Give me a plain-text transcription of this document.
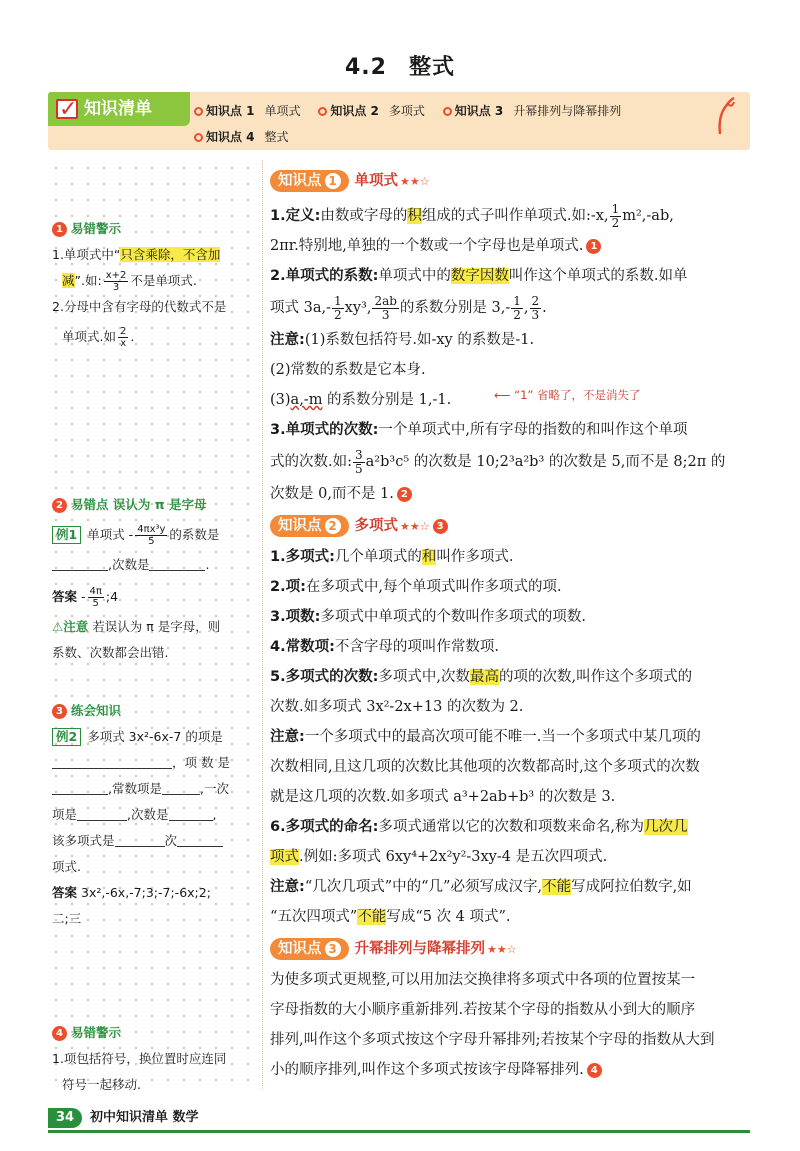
4.2 整式
✓
知识清单	知识点 1 单项式 知识点 2 多项式 知识点 3 升幂排列与降幂排列
知识点 4 整式
1 易错警示
1.单项式中“只含乘除，不含加
减”.如: $\frac{x+2}{3}$ 不是单项式.
2.分母中含有字母的代数式不是
单项式.如 $\frac{2}{x}$ .
2 易错点 误认为 π 是字母
例1 单项式 - $\frac{\text{4πx³y}}{5}$ 的系数是
,次数是	.
答案 - $\frac{4\pi}{5}$ ;4
⚠注意 若误认为 π 是字母，则
系数、次数都会出错.
3 练会知识
例2 多项式 3x²-6x-7 的项是
，项 数 是
,常数项是	,一次
项是	,次数是	,
该多项式是	次
项式.
答案 3x²,-6x,-7;3;-7;-6x;2;
二;三
4 易错警示
1.项包括符号，换位置时应连同
符号一起移动.
知识点 1 单项式 ★★☆

1.定义:由数或字母的积组成的式子叫作单项式.如:-x, $\frac{1}{2} m^2,-ab$,

2πr.特别地,单独的一个数或一个字母也是单项式. 1

2.单项式的系数:单项式中的数字因数叫作这个单项式的系数.如单

项式 $3a,- \frac{1}{2} xy^3$, $\frac{2ab}{3}$ 的系数分别是 $3,- \frac{1}{2}$ , $\frac{2}{3}$ .

注意:(1)系数包括符号.如-xy 的系数是-1.

(2)常数的系数是它本身.

(3)a,-m 的系数分别是 1,-1.	⟵ “1” 省略了，不是消失了

3.单项式的次数:一个单项式中,所有字母的指数的和叫作这个单项

式的次数.如: $\frac{3}{5} a^2b^3c^5$ 的次数是 10;2³a²b³ 的次数是 5,而不是 8;2π 的

次数是 0,而不是 1. 2

知识点 2 多项式 ★★☆ 3

1.多项式:几个单项式的和叫作多项式.

2.项:在多项式中,每个单项式叫作多项式的项.

3.项数:多项式中单项式的个数叫作多项式的项数.

4.常数项:不含字母的项叫作常数项.

5.多项式的次数:多项式中,次数最高的项的次数,叫作这个多项式的

次数.如多项式 3x²-2x+13 的次数为 2.

注意:一个多项式中的最高次项可能不唯一.当一个多项式中某几项的

次数相同,且这几项的次数比其他项的次数都高时,这个多项式的次数

就是这几项的次数.如多项式 a³+2ab+b³ 的次数是 3.

6.多项式的命名:多项式通常以它的次数和项数来命名,称为几次几

项式.例如:多项式 6xy⁴+2x²y²-3xy-4 是五次四项式.

注意:“几次几项式”中的“几”必须写成汉字,不能写成阿拉伯数字,如

“五次四项式”不能写成“5 次 4 项式”.

知识点 3 升幂排列与降幂排列 ★★☆

为使多项式更规整,可以用加法交换律将多项式中各项的位置按某一

字母指数的大小顺序重新排列.若按某个字母的指数从小到大的顺序

排列,叫作这个多项式按这个字母升幂排列;若按某个字母的指数从大到

小的顺序排列,叫作这个多项式按该字母降幂排列. 4

34	初中知识清单 数学
